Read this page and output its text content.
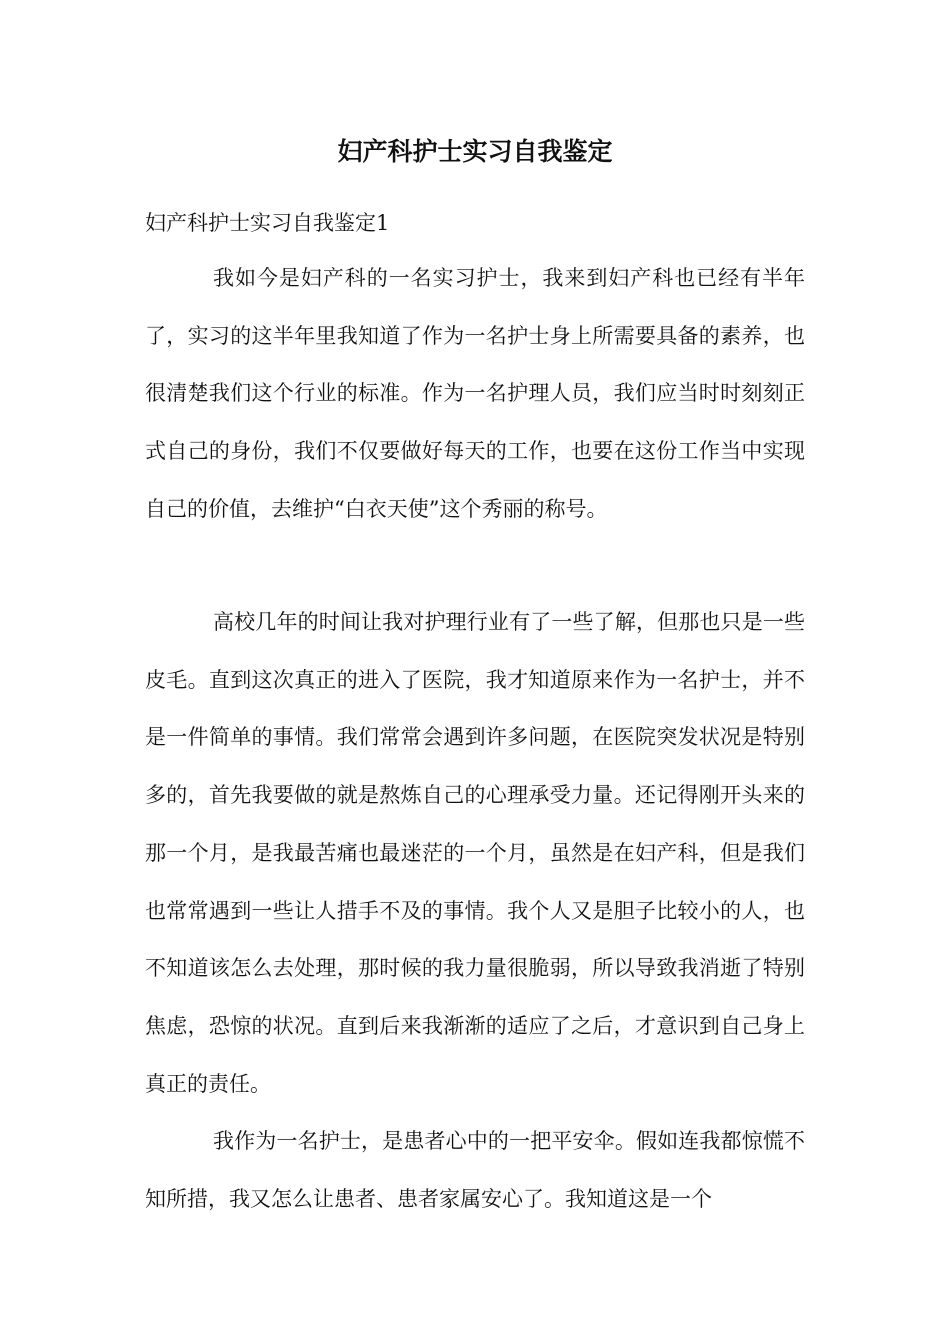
妇产科护士实习自我鉴定
妇产科护士实习自我鉴定1

我如今是妇产科的一名实习护士，我来到妇产科也已经有半年了，实习的这半年里我知道了作为一名护士身上所需要具备的素养，也很清楚我们这个行业的标准。作为一名护理人员，我们应当时时刻刻正式自己的身份，我们不仅要做好每天的工作，也要在这份工作当中实现自己的价值，去维护“白衣天使”这个秀丽的称号。

高校几年的时间让我对护理行业有了一些了解，但那也只是一些皮毛。直到这次真正的进入了医院，我才知道原来作为一名护士，并不是一件简单的事情。我们常常会遇到许多问题，在医院突发状况是特别多的，首先我要做的就是熬炼自己的心理承受力量。还记得刚开头来的那一个月，是我最苦痛也最迷茫的一个月，虽然是在妇产科，但是我们也常常遇到一些让人措手不及的事情。我个人又是胆子比较小的人，也不知道该怎么去处理，那时候的我力量很脆弱，所以导致我消逝了特别焦虑，恐惊的状况。直到后来我渐渐的适应了之后，才意识到自己身上真正的责任。

我作为一名护士，是患者心中的一把平安伞。假如连我都惊慌不知所措，我又怎么让患者、患者家属安心了。我知道这是一个
